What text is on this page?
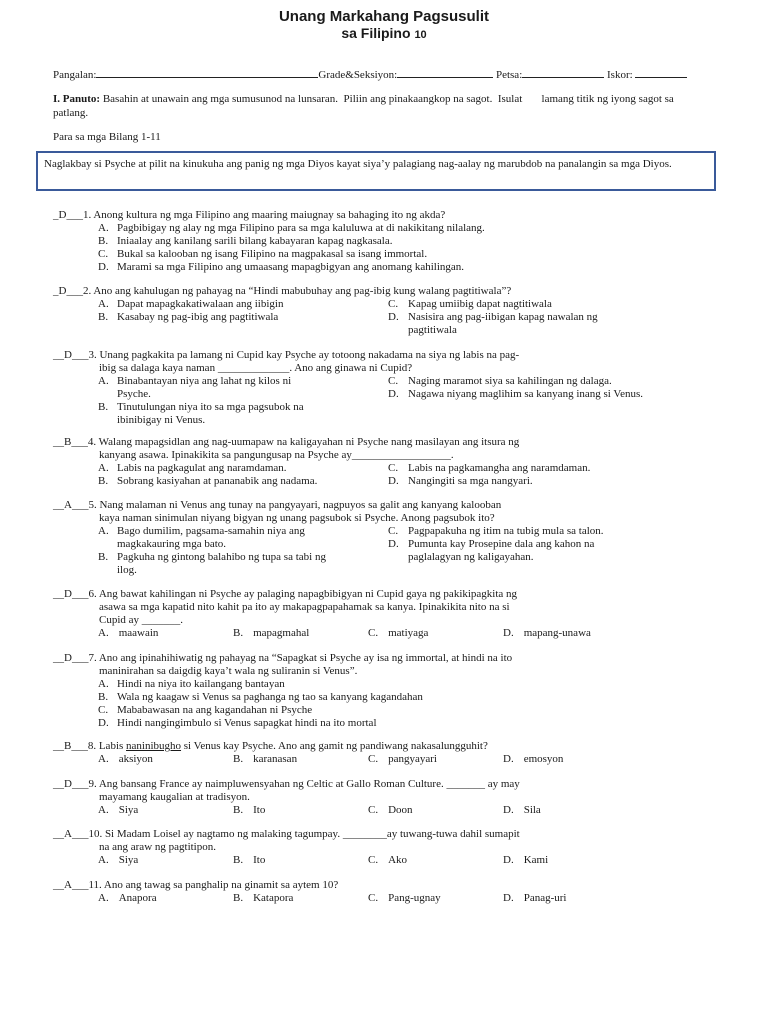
Unang Markahang Pagsusulit
sa Filipino 10
Pangalan:	Grade&Seksiyon:	Petsa:	Iskor:
I. Panuto: Basahin at unawain ang mga sumusunod na lunsaran.  Piliin ang pinakaangkop na sagot.  Isulat       lamang titik ng iyong sagot sa patlang.
Para sa mga Bilang 1-11
Naglakbay si Psyche at pilit na kinukuha ang panig ng mga Diyos kayat siya’y palagiang nag-aalay ng marubdob na panalangin sa mga Diyos.

_D___1. Anong kultura ng mga Filipino ang maaring maiugnay sa bahaging ito ng akda?

A. Pagbibigay ng alay ng mga Filipino para sa mga kaluluwa at di nakikitang nilalang.
B. Iniaalay ang kanilang sarili bilang kabayaran kapag nagkasala.
C. Bukal sa kalooban ng isang Filipino na magpakasal sa isang immortal.
D. Marami sa mga Filipino ang umaasang mapagbigyan ang anomang kahilingan.

_D___2. Ano ang kahulugan ng pahayag na “Hindi mabubuhay ang pag-ibig kung walang pagtitiwala”?

A. Dapat mapagkakatiwalaan ang iibigin
B. Kasabay ng pag-ibig ang pagtitiwala
C. Kapag umiibig dapat nagtitiwala
D. Nasisira ang pag-iibigan kapag nawalan ng pagtitiwala

__D___3. Unang pagkakita pa lamang ni Cupid kay Psyche ay totoong nakadama na siya ng labis na pag-
ibig sa dalaga kaya naman _____________. Ano ang ginawa ni Cupid?

A. Binabantayan niya ang lahat ng kilos ni Psyche.
B. Tinutulungan niya ito sa mga pagsubok na ibinibigay ni Venus.
C. Naging maramot siya sa kahilingan ng dalaga.
D. Nagawa niyang maglihim sa kanyang inang si Venus.

__B___4. Walang mapagsidlan ang nag-uumapaw na kaligayahan ni Psyche nang masilayan ang itsura ng
kanyang asawa. Ipinakikita sa pangungusap na Psyche ay__________________.

A. Labis na pagkagulat ang naramdaman.
B. Sobrang kasiyahan at pananabik ang nadama.
C. Labis na pagkamangha ang naramdaman.
D. Nangingiti sa mga nangyari.

__A___5. Nang malaman ni Venus ang tunay na pangyayari, nagpuyos sa galit ang kanyang kalooban
kaya naman sinimulan niyang bigyan ng unang pagsubok si Psyche. Anong pagsubok ito?

A. Bago dumilim, pagsama-samahin niya ang magkakauring mga bato.
B. Pagkuha ng gintong balahibo ng tupa sa tabi ng ilog.
C. Pagpapakuha ng itim na tubig mula sa talon.
D. Pumunta kay Prosepine dala ang kahon na paglalagyan ng kaligayahan.

__D___6. Ang bawat kahilingan ni Psyche ay palaging napagbibigyan ni Cupid gaya ng pakikipagkita ng
asawa sa mga kapatid nito kahit pa ito ay makapagpapahamak sa kanya. Ipinakikita nito na si
Cupid ay _______.

A. maawain	B. mapagmahal	C. matiyaga	D. mapang-unawa

__D___7. Ano ang ipinahihiwatig ng pahayag na “Sapagkat si Psyche ay isa ng immortal, at hindi na ito
maninirahan sa daigdig kaya’t wala ng suliranin si Venus”.

A. Hindi na niya ito kailangang bantayan
B. Wala ng kaagaw si Venus sa paghanga ng tao sa kanyang kagandahan
C. Mababawasan na ang kagandahan ni Psyche
D. Hindi nangingimbulo si Venus sapagkat hindi na ito mortal

__B___8. Labis naninibugho si Venus kay Psyche. Ano ang gamit ng pandiwang nakasalungguhit?

A. aksiyon	B. karanasan	C. pangyayari	D. emosyon

__D___9. Ang bansang France ay naimpluwensyahan ng Celtic at Gallo Roman Culture. _______ ay may
mayamang kaugalian at tradisyon.

A. Siya	B. Ito	C. Doon	D. Sila

__A___10. Si Madam Loisel ay nagtamo ng malaking tagumpay. ________ay tuwang-tuwa dahil sumapit
na ang araw ng pagtitipon.

A. Siya	B. Ito	C. Ako	D. Kami

__A___11. Ano ang tawag sa panghalip na ginamit sa aytem 10?

A. Anapora	B. Katapora	C. Pang-ugnay	D. Panag-uri
